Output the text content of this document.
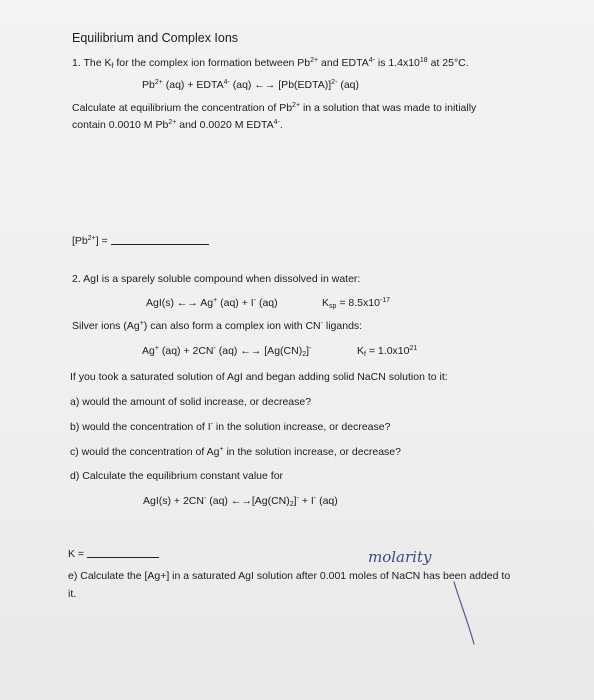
Equilibrium and Complex Ions
1. The $K_f$ for the complex ion formation between $Pb^{2+}$ and $EDTA^{4-}$ is $1.4x10^{18}$ at 25°C.
$Pb^{2+}$ $(aq) + EDTA^{4-}$ (aq) ←→ [Pb(EDTA)]$^{2-}$ (aq)
Calculate at equilibrium the concentration of $Pb^{2+}$ in a solution that was made to initially
contain 0.0010 M $Pb^{2+}$ and 0.0020 M $EDTA^{4-}$.
$[Pb^{2+}]$ =
2. AgI is a sparely soluble compound when dissolved in water:
AgI(s) ←→ Ag+ (aq) + I- (aq)	$K_{sp} = 8.5x10^{-17}$
Silver ions (Ag+) can also form a complex ion with CN- ligands:
Ag+ (aq) + 2CN- (aq) ←→ $[Ag(CN)_2]^-$	$K_f = 1.0x10^{21}$
If you took a saturated solution of AgI and began adding solid NaCN solution to it:
a) would the amount of solid increase, or decrease?
b) would the concentration of I- in the solution increase, or decrease?
c) would the concentration of Ag+ in the solution increase, or decrease?
d) Calculate the equilibrium constant value for
AgI(s) + 2CN- (aq) $\leftarrow\to[Ag(CN)_2]^- + I^-$ (aq)
K =	molarity
e) Calculate the [Ag+] in a saturated AgI solution after 0.001 moles of NaCN has been added to
it.
